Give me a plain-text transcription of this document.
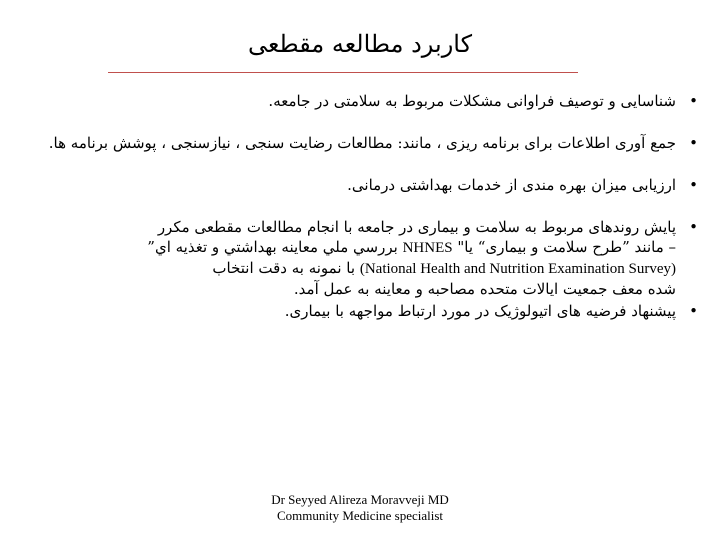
کاربرد مطالعه مقطعی
•
شناسایی و توصیف فراوانی مشکلات مربوط به سلامتی در جامعه.
•
جمع آوری اطلاعات برای برنامه ریزی ، مانند: مطالعات رضایت سنجی ، نیازسنجی ، پوشش برنامه ها.
•
ارزیابی میزان بهره مندی از خدمات بهداشتی درمانی.
•
پایش روندهای مربوط به سلامت و بیماری در جامعه با انجام مطالعات مقطعی مکرر
– مانند ”طرح سلامت و بیماری“ یا" NHNES بررسي ملي معاينه بهداشتي و تغذيه اي”
(National Health and Nutrition Examination Survey) با نمونه به دقت انتخاب
شده معف جمعیت ایالات متحده مصاحبه و معاینه به عمل آمد.
•
پیشنهاد فرضیه های اتیولوژیک در مورد ارتباط مواجهه با بیماری.
Dr Seyyed Alireza Moravveji MD
Community Medicine specialist
